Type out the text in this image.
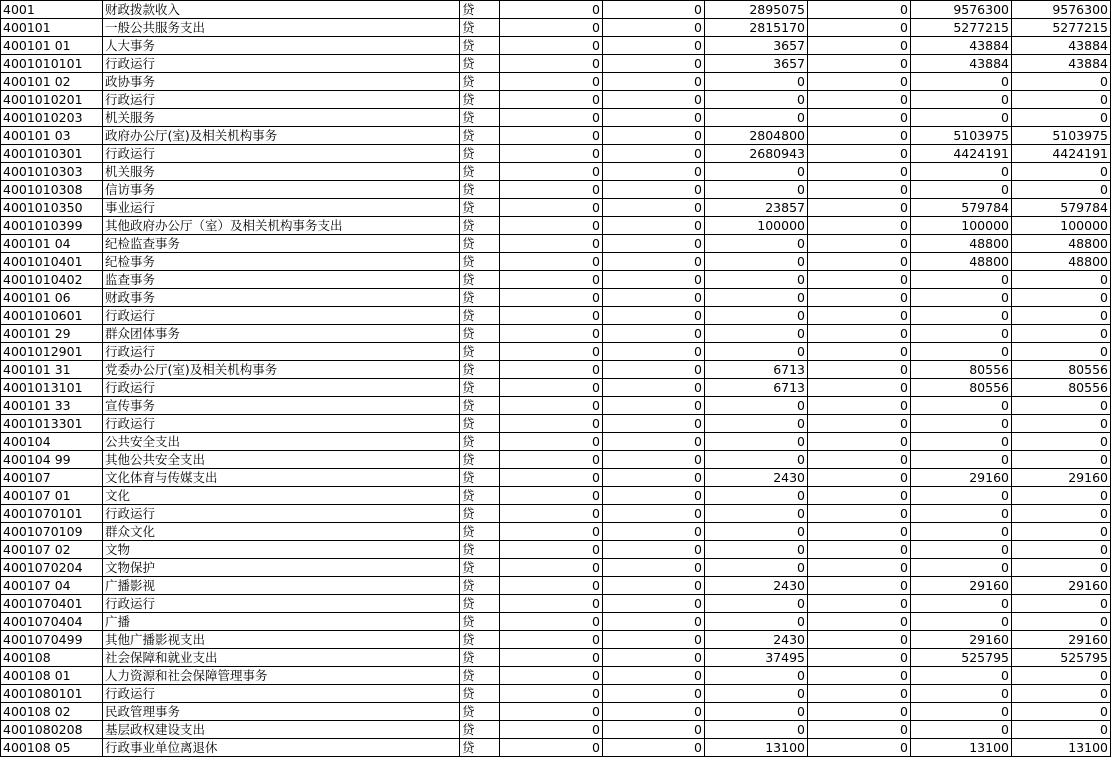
4001	财政拨款收入	贷	0	0	2895075	0	9576300	9576300
400101	一般公共服务支出	贷	0	0	2815170	0	5277215	5277215
400101 01	人大事务	贷	0	0	3657	0	43884	43884
4001010101	行政运行	贷	0	0	3657	0	43884	43884
400101 02	政协事务	贷	0	0	0	0	0	0
4001010201	行政运行	贷	0	0	0	0	0	0
4001010203	机关服务	贷	0	0	0	0	0	0
400101 03	政府办公厅(室)及相关机构事务	贷	0	0	2804800	0	5103975	5103975
4001010301	行政运行	贷	0	0	2680943	0	4424191	4424191
4001010303	机关服务	贷	0	0	0	0	0	0
4001010308	信访事务	贷	0	0	0	0	0	0
4001010350	事业运行	贷	0	0	23857	0	579784	579784
4001010399	其他政府办公厅（室）及相关机构事务支出	贷	0	0	100000	0	100000	100000
400101 04	纪检监查事务	贷	0	0	0	0	48800	48800
4001010401	纪检事务	贷	0	0	0	0	48800	48800
4001010402	监查事务	贷	0	0	0	0	0	0
400101 06	财政事务	贷	0	0	0	0	0	0
4001010601	行政运行	贷	0	0	0	0	0	0
400101 29	群众团体事务	贷	0	0	0	0	0	0
4001012901	行政运行	贷	0	0	0	0	0	0
400101 31	党委办公厅(室)及相关机构事务	贷	0	0	6713	0	80556	80556
4001013101	行政运行	贷	0	0	6713	0	80556	80556
400101 33	宣传事务	贷	0	0	0	0	0	0
4001013301	行政运行	贷	0	0	0	0	0	0
400104	公共安全支出	贷	0	0	0	0	0	0
400104 99	其他公共安全支出	贷	0	0	0	0	0	0
400107	文化体育与传媒支出	贷	0	0	2430	0	29160	29160
400107 01	文化	贷	0	0	0	0	0	0
4001070101	行政运行	贷	0	0	0	0	0	0
4001070109	群众文化	贷	0	0	0	0	0	0
400107 02	文物	贷	0	0	0	0	0	0
4001070204	文物保护	贷	0	0	0	0	0	0
400107 04	广播影视	贷	0	0	2430	0	29160	29160
4001070401	行政运行	贷	0	0	0	0	0	0
4001070404	广播	贷	0	0	0	0	0	0
4001070499	其他广播影视支出	贷	0	0	2430	0	29160	29160
400108	社会保障和就业支出	贷	0	0	37495	0	525795	525795
400108 01	人力资源和社会保障管理事务	贷	0	0	0	0	0	0
4001080101	行政运行	贷	0	0	0	0	0	0
400108 02	民政管理事务	贷	0	0	0	0	0	0
4001080208	基层政权建设支出	贷	0	0	0	0	0	0
400108 05	行政事业单位离退休	贷	0	0	13100	0	13100	13100
